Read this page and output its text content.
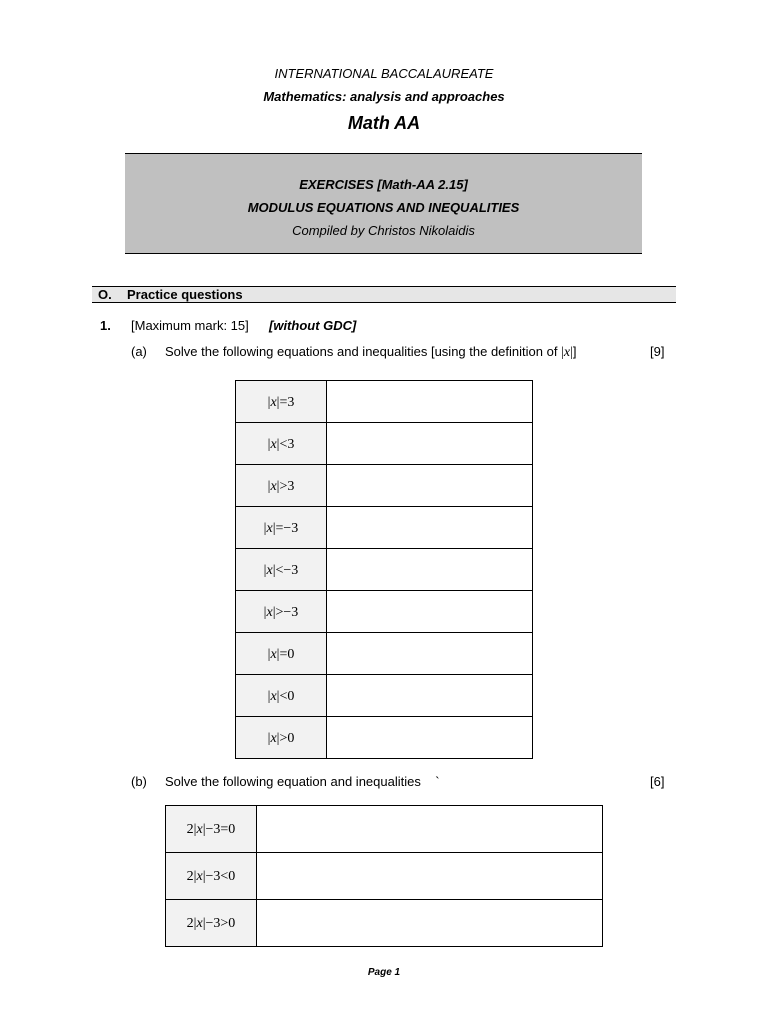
INTERNATIONAL BACCALAUREATE
Mathematics: analysis and approaches
Math AA
EXERCISES [Math-AA 2.15]
MODULUS EQUATIONS AND INEQUALITIES
Compiled by Christos Nikolaidis
O. Practice questions
1. [Maximum mark: 15] [without GDC]
(a) Solve the following equations and inequalities [using the definition of |x|]	[9]
|x|=3	
|x|<3	
|x|>3	
|x|=−3	
|x|<−3	
|x|>−3	
|x|=0	
|x|<0	
|x|>0	
(b) Solve the following equation and inequalities    `	[6]
2|x|−3=0	
2|x|−3<0	
2|x|−3>0	
Page 1
